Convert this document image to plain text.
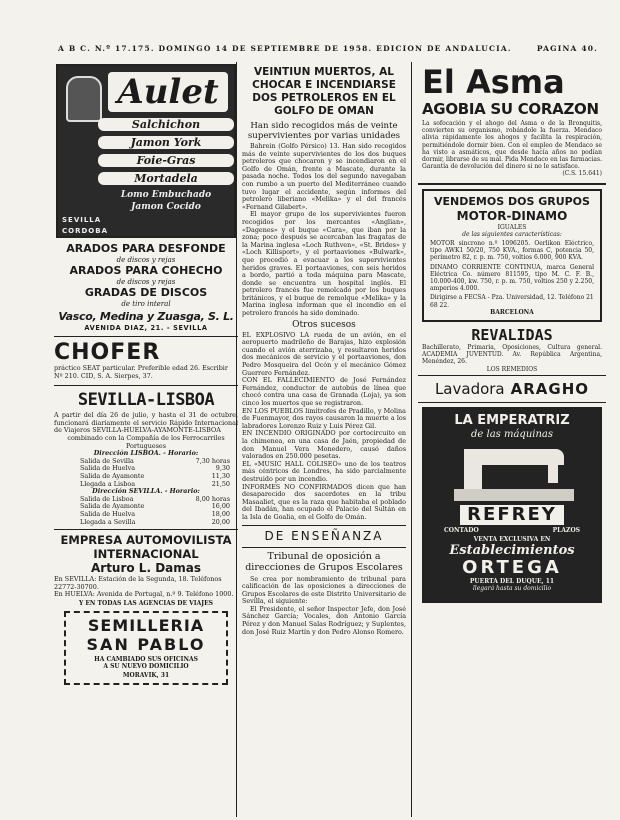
A B C. N.º 17.175. DOMINGO 14 DE SEPTIEMBRE DE 1958. EDICION DE ANDALUCIA.	PAGINA 40.
Aulet
Salchichon
Jamon York
Foie-Gras
Mortadela
Lomo Embuchado
Jamon Cocido
SEVILLA
CORDOBA
ARADOS PARA DESFONDE
de discos y rejas
ARADOS PARA COHECHO
de discos y rejas
GRADAS DE DISCOS
de tiro interal
Vasco, Medina y Zuasga, S. L.
AVENIDA DIAZ, 21. - SEVILLA
CHOFER
práctico SEAT particular. Preferible edad 26. Escribir Nº 210. CID, S. A. Sierpes, 37.
SEVILLA-LISBOA
A partir del día 26 de julio, y hasta el 31 de octubre, funcionará diariamente el servicio Rápido Internacional de Viajeros SEVILLA-HUELVA-AYAMONTE-LISBOA
combinado con la Compañía de los Ferrocarriles Portugueses
Dirección LISBOA. - Horario:
Salida de Sevilla	7,30 horas
Salida de Huelva	9,30
Salida de Ayamonte	11,30
Llegada a Lisboa	21,50
Dirección SEVILLA. - Horario:
Salida de Lisboa	8,00 horas
Salida de Ayamonte	16,00
Salida de Huelva	18,00
Llegada a Sevilla	20,00
EMPRESA AUTOMOVILISTA
INTERNACIONAL
Arturo L. Damas
En SEVILLA: Estación de la Segunda, 18. Teléfonos 22772-30700.
En HUELVA: Avenida de Portugal, n.º 9. Teléfono 1000.
Y EN TODAS LAS AGENCIAS DE VIAJES
SEMILLERIA
SAN PABLO
HA CAMBIADO SUS OFICINAS
A SU NUEVO DOMICILIO
MORAVIK, 31
VEINTIUN MUERTOS, AL CHOCAR E INCENDIARSE DOS PETROLEROS EN EL GOLFO DE OMAN
Han sido recogidos más de veinte supervivientes por varias unidades

Bahrein (Golfo Pérsico) 13. Han sido recogidos más de veinte supervivientes de los dos buques petroleros que chocaron y se incendiaron en el Golfo de Omán, frente a Mascate, durante la pasada noche. Todos los del segundo navegaban con rumbo a un puerto del Mediterráneo cuando tuvo lugar el accidente, según informes del petrolero liberiano «Melika» y el del francés «Fernand Gilabert».

El mayor grupo de los supervivientes fueron recogidos por los mercantes «Anglian», «Dagenes» y el buque «Cara», que iban por la zona; poco después se acercaban las fragatas de la Marina inglesa «Loch Ruthven», «St. Brides» y «Loch Killisport», y el portaaviones «Bulwark», que procedió a evacuar a los supervivientes heridos graves. El portaaviones, con seis heridos a bordo, partió a toda máquina para Mascate, donde se encuentra un hospital inglés. El petrolero francés fue remolcado por los buques británicos, y el buque de remolque «Melika» y la Marina inglesa informan que el incendio en el petrolero francés ha sido dominado.

Otros sucesos

EL EXPLOSIVO LA rueda de un avión, en el aeropuerto madrileño de Barajas, hizo explosión cuando el avión aterrizaba, y resultaron heridos dos mecánicos de servicio y el portaaviones, don Pedro Mosqueira del Ocón y el mecánico Gómez Guerrero Fernández.

CON EL FALLECIMIENTO de José Fernández Fernández, conductor de autobús de línea que chocó contra una casa de Granada (Loja), ya son cinco los muertos que se registraron.

EN LOS PUEBLOS limítrofes de Pradillo, y Molina de Fuenmayor, dos rayos causaron la muerte a los labradores Lorenzo Ruiz y Luis Pérez Gil.

EN INCENDIO ORIGINADO por cortocircuito en la chimenea, en una casa de Jaén, propiedad de don Manuel Vera Monedero, causó daños valorados en 250.000 pesetas.

EL «MUSIC HALL COLISEO» uno de los teatros más céntricos de Londres, ha sido parcialmente destruido por un incendio.

INFORMES NO CONFIRMADOS dicen que han desaparecido dos sacerdotes en la tribu Masaaliet, que es la raza que habitaba el poblado del Ibadán, han ocupado el Palacio del Sultán en la Isla de Goalia, en el Golfo de Omán.

DE ENSEÑANZA
Tribunal de oposición a direcciones de Grupos Escolares

Se crea por nombramiento de tribunal para calificación de las oposiciones a direcciones de Grupos Escolares de este Distrito Universitario de Sevilla, el siguiente:

El Presidente, el señor Inspector Jefe, don José Sánchez García; Vocales, don Antonio García Pérez y don Manuel Salas Rodríguez; y Suplentes, don José Ruiz Martín y don Pedro Alonso Romero.

El Asma
AGOBIA SU CORAZON

La sofocación y el ahogo del Asma o de la Bronquitis, convierten su organismo, robándole la fuerza. Mendaco alivia rápidamente los ahogos y facilita la respiración, permitiéndole dormir bien. Con el empleo de Mendaco se ha visto a asmáticos, que desde hacía años no podían dormir, librarse de su mal. Pida Mendaco en las farmacias. Garantía de devolución del dinero si no le satisface.

(C.S. 15.641)
VENDEMOS DOS GRUPOS
MOTOR-DINAMO
IGUALES
de las siguientes características:

MOTOR sincrono n.º 1096205. Oerlikon Eléctrico, tipo AWK1 50/20, 750 KVA., formas C, potencia 50, perímetro 82, r. p. m. 750, voltios 6.000, 900 KVA.

DINAMO CORRIENTE CONTINUA, marca General Eléctrica Co. número 811595, tipo M. C. F. B., 10.000-400, kw. 750, r. p. m. 750, voltios 250 y 2.250, amperios 4.000.

Dirigirse a FECSA - Pza. Universidad, 12. Teléfono 21 68 22.

BARCELONA
REVALIDAS

Bachillerato, Primaria, Oposiciones, Cultura general. ACADEMIA JUVENTUD. Av. República Argentina, Menéndez, 26.

LOS REMEDIOS
Lavadora ARAGHO
LA EMPERATRIZ
de las máquinas
REFREY
CONTADO	PLAZOS
VENTA EXCLUSIVA EN
Establecimientos
ORTEGA
PUERTA DEL DUQUE, 11
llegará hasta su domicilio
